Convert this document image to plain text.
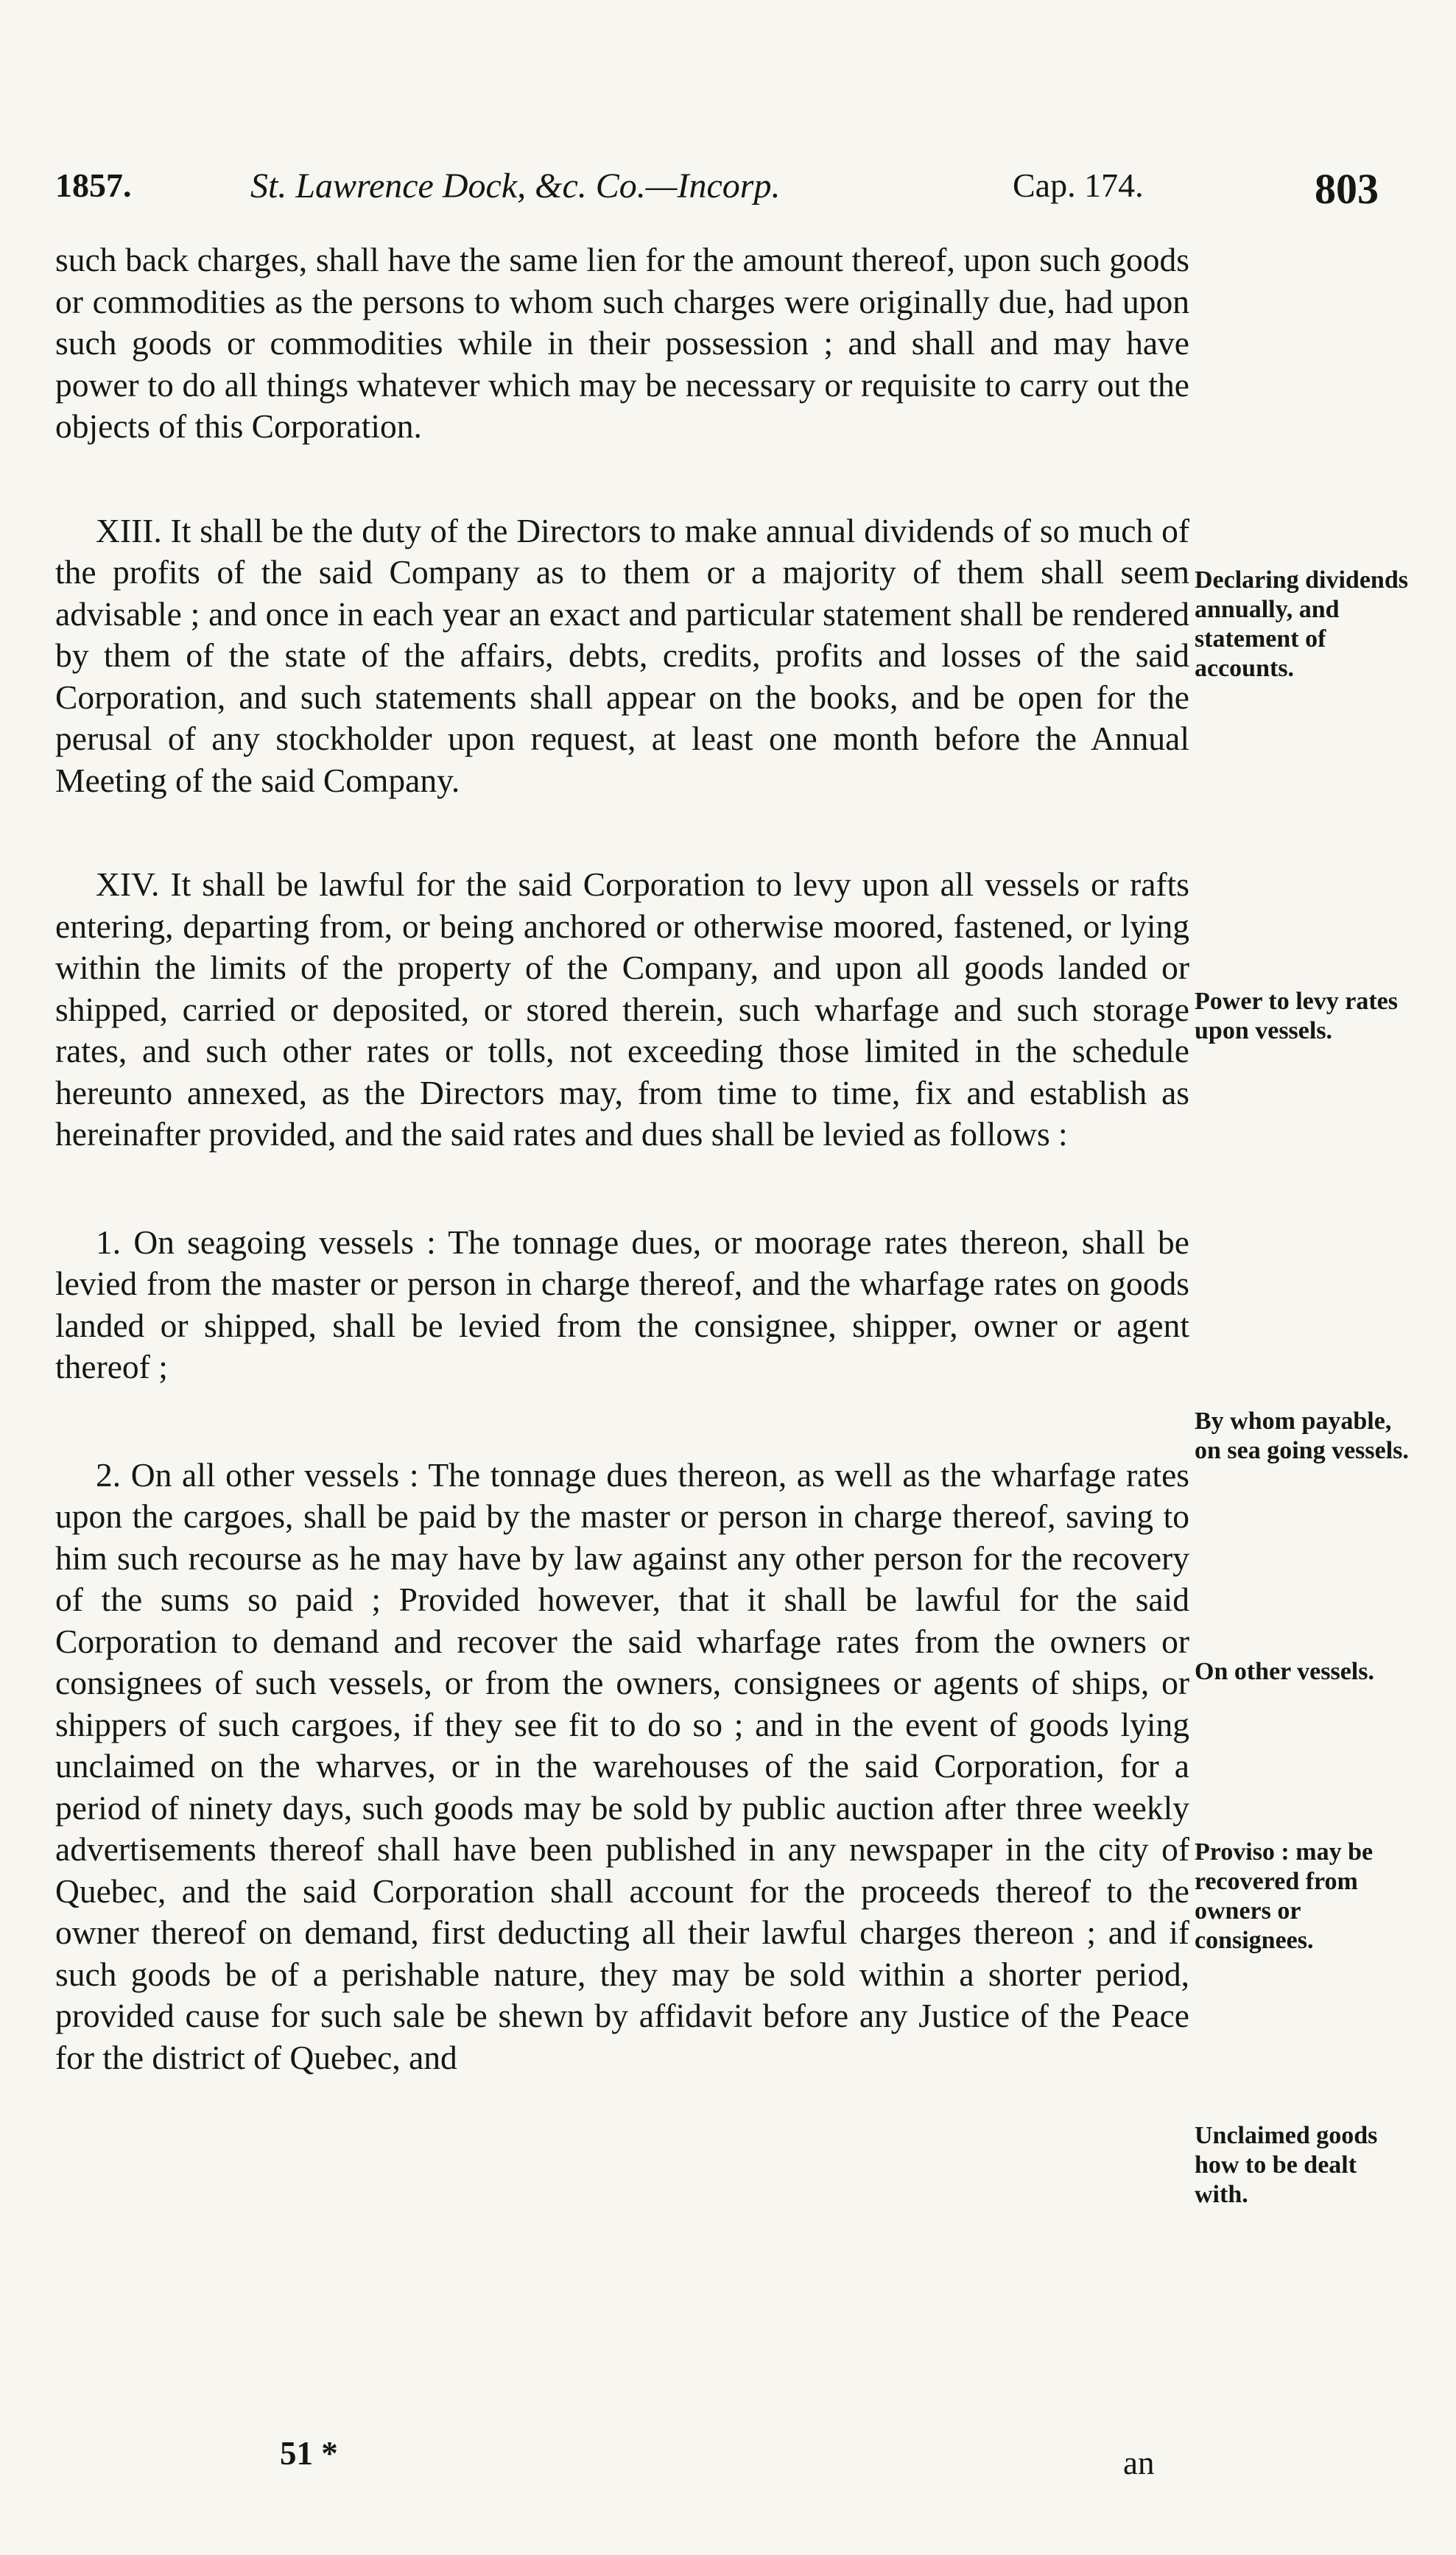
1857.	St. Lawrence Dock, &c. Co.—Incorp.	Cap. 174.	803

such back charges, shall have the same lien for the amount thereof, upon such goods or commodities as the persons to whom such charges were originally due, had upon such goods or commodities while in their possession ; and shall and may have power to do all things whatever which may be necessary or requisite to carry out the objects of this Corporation.

XIII. It shall be the duty of the Directors to make annual dividends of so much of the profits of the said Company as to them or a majority of them shall seem advisable ; and once in each year an exact and particular statement shall be rendered by them of the state of the affairs, debts, credits, profits and losses of the said Corporation, and such statements shall appear on the books, and be open for the perusal of any stockholder upon request, at least one month before the Annual Meeting of the said Company.

XIV. It shall be lawful for the said Corporation to levy upon all vessels or rafts entering, departing from, or being anchored or otherwise moored, fastened, or lying within the limits of the property of the Company, and upon all goods landed or shipped, carried or deposited, or stored therein, such wharfage and such storage rates, and such other rates or tolls, not exceeding those limited in the schedule hereunto annexed, as the Directors may, from time to time, fix and establish as hereinafter provided, and the said rates and dues shall be levied as follows :

1. On seagoing vessels : The tonnage dues, or moorage rates thereon, shall be levied from the master or person in charge thereof, and the wharfage rates on goods landed or shipped, shall be levied from the consignee, shipper, owner or agent thereof ;

2. On all other vessels : The tonnage dues thereon, as well as the wharfage rates upon the cargoes, shall be paid by the master or person in charge thereof, saving to him such recourse as he may have by law against any other person for the recovery of the sums so paid ; Provided however, that it shall be lawful for the said Corporation to demand and recover the said wharfage rates from the owners or consignees of such vessels, or from the owners, consignees or agents of ships, or shippers of such cargoes, if they see fit to do so ; and in the event of goods lying unclaimed on the wharves, or in the warehouses of the said Corporation, for a period of ninety days, such goods may be sold by public auction after three weekly advertisements thereof shall have been published in any newspaper in the city of Quebec, and the said Corporation shall account for the proceeds thereof to the owner thereof on demand, first deducting all their lawful charges thereon ; and if such goods be of a perishable nature, they may be sold within a shorter period, provided cause for such sale be shewn by affidavit before any Justice of the Peace for the district of Quebec, and

Declaring dividends annually, and statement of accounts.
Power to levy rates upon vessels.
By whom payable, on sea going vessels.
On other vessels.
Proviso : may be recovered from owners or consignees.
Unclaimed goods how to be dealt with.
51 *	an
